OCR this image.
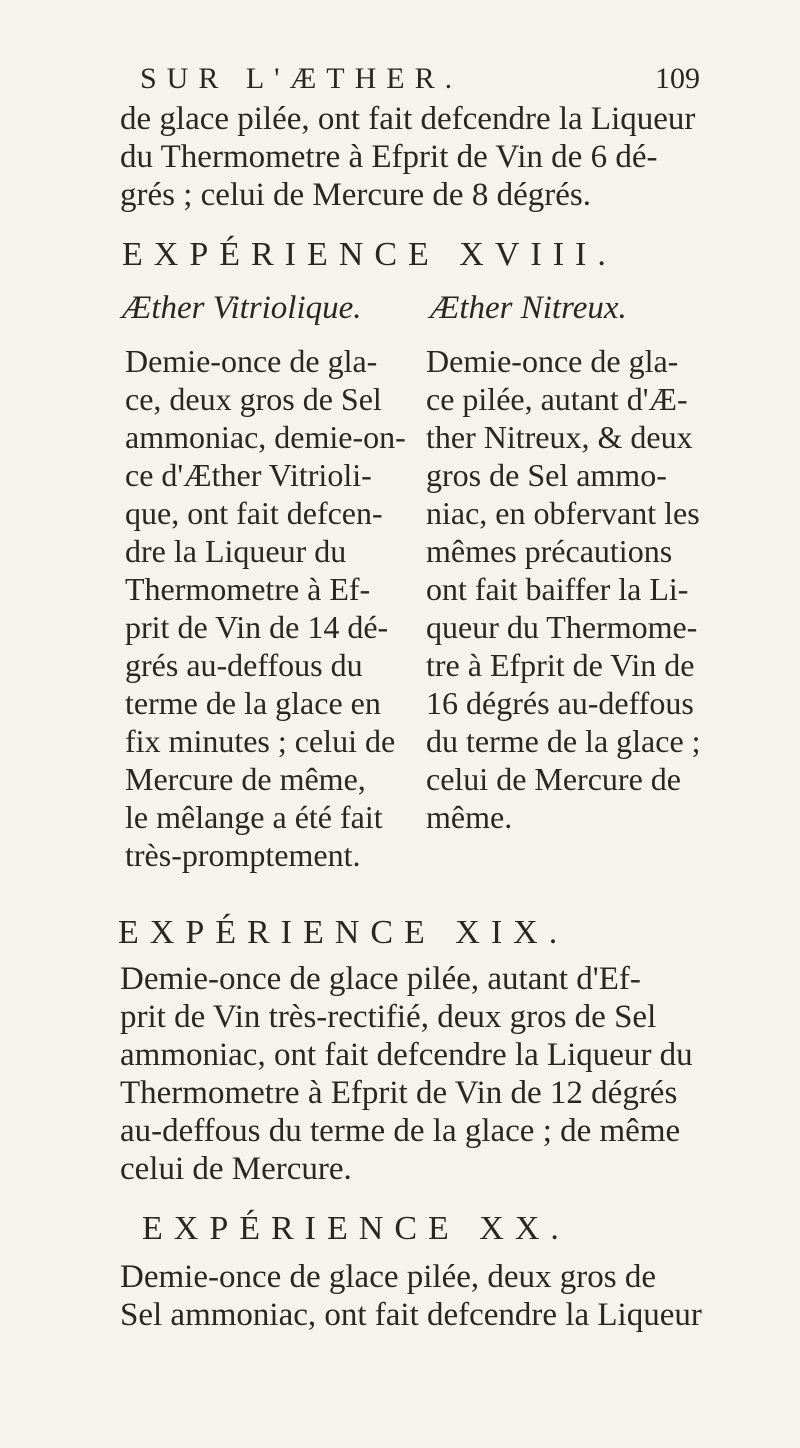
SUR L'ÆTHER.	109
de glace pilée, ont fait defcendre la Liqueur
du Thermometre à Efprit de Vin de 6 dé-
grés ; celui de Mercure de 8 dégrés.
EXPÉRIENCE XVIII.
Æther Vitriolique. Æther Nitreux.
Demie-once de gla-
ce, deux gros de Sel
ammoniac, demie-on-
ce d'Æther Vitrioli-
que, ont fait defcen-
dre la Liqueur du
Thermometre à Ef-
prit de Vin de 14 dé-
grés au-deffous du
terme de la glace en
fix minutes ; celui de
Mercure de même,
le mêlange a été fait
très-promptement.
Demie-once de gla-
ce pilée, autant d'Æ-
ther Nitreux, & deux
gros de Sel ammo-
niac, en obfervant les
mêmes précautions
ont fait baiffer la Li-
queur du Thermome-
tre à Efprit de Vin de
16 dégrés au-deffous
du terme de la glace ;
celui de Mercure de
même.
EXPÉRIENCE XIX.
Demie-once de glace pilée, autant d'Ef-
prit de Vin très-rectifié, deux gros de Sel
ammoniac, ont fait defcendre la Liqueur du
Thermometre à Efprit de Vin de 12 dégrés
au-deffous du terme de la glace ; de même
celui de Mercure.
EXPÉRIENCE XX.
Demie-once de glace pilée, deux gros de
Sel ammoniac, ont fait defcendre la Liqueur
